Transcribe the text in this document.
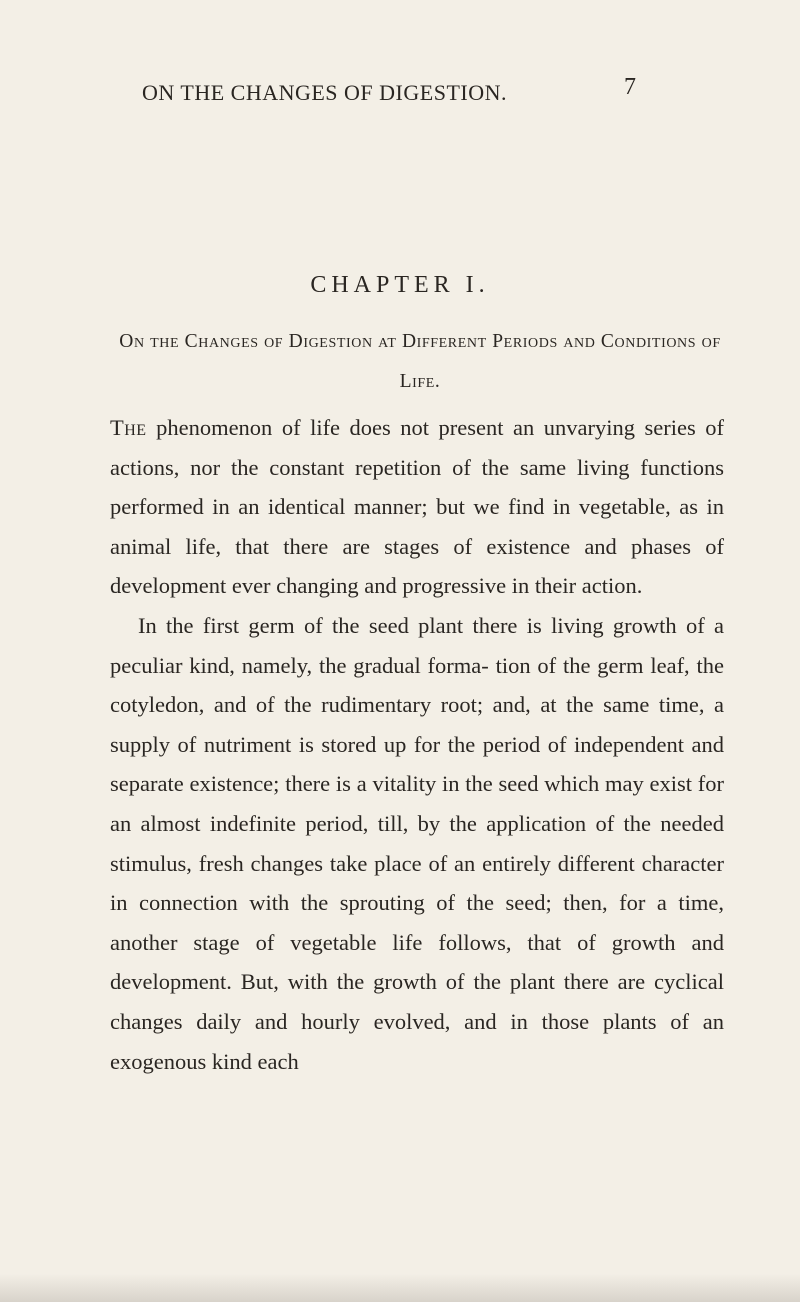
ON THE CHANGES OF DIGESTION.	7
CHAPTER I.
On the Changes of Digestion at Different Periods and Conditions of Life.

The phenomenon of life does not present an unvarying series of actions, nor the constant repetition of the same living functions performed in an identical manner; but we find in vegetable, as in animal life, that there are stages of existence and phases of development ever changing and progressive in their action.

In the first germ of the seed plant there is living growth of a peculiar kind, namely, the gradual forma- tion of the germ leaf, the cotyledon, and of the rudimentary root; and, at the same time, a supply of nutriment is stored up for the period of independent and separate existence; there is a vitality in the seed which may exist for an almost indefinite period, till, by the application of the needed stimulus, fresh changes take place of an entirely different character in connection with the sprouting of the seed; then, for a time, another stage of vegetable life follows, that of growth and development. But, with the growth of the plant there are cyclical changes daily and hourly evolved, and in those plants of an exogenous kind each
